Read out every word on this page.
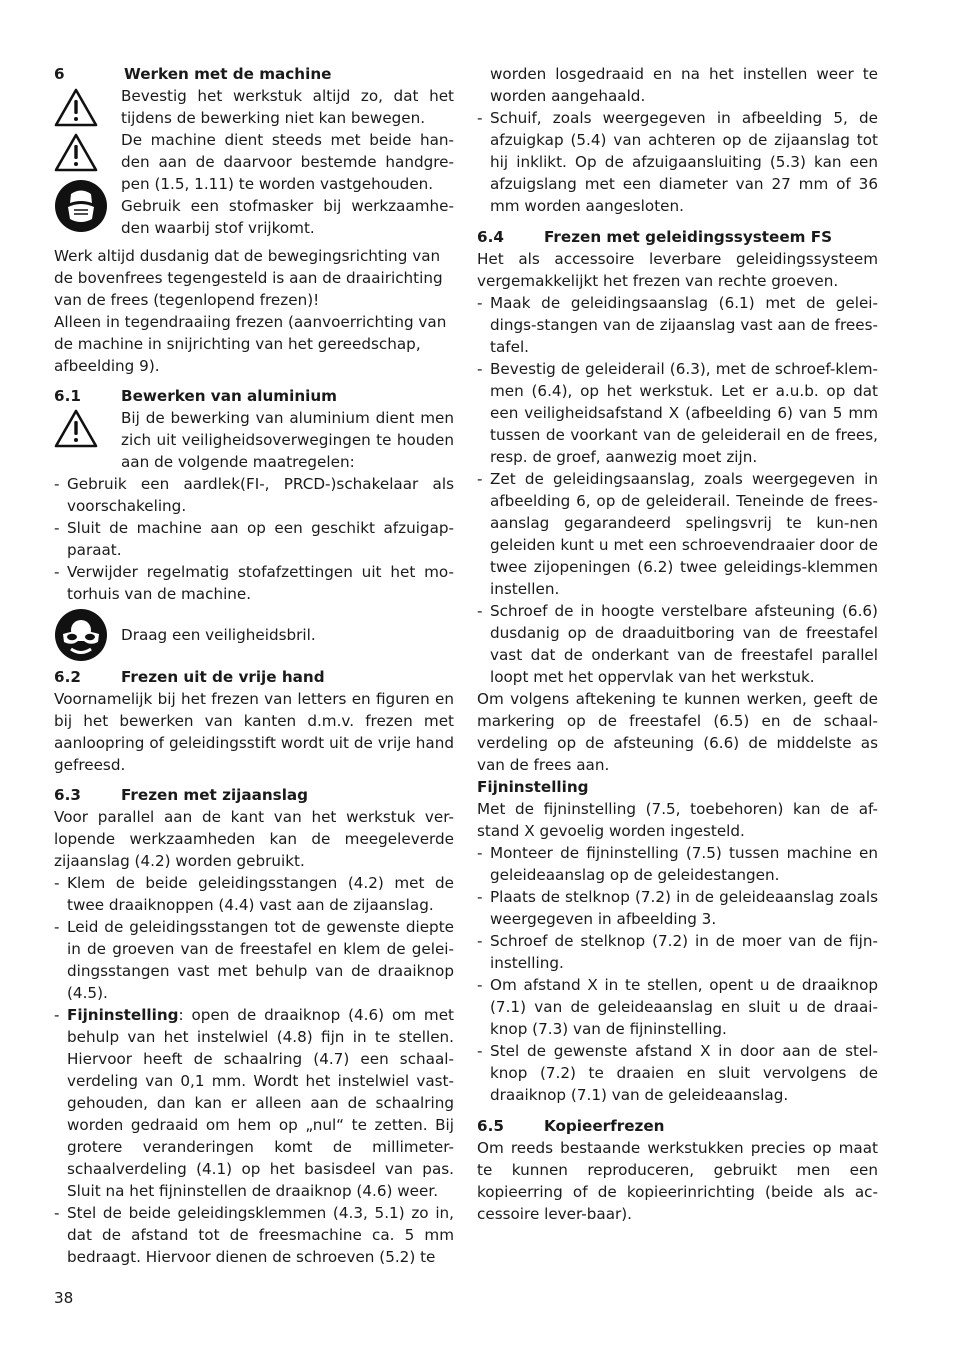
6	Werken met de machine

Bevestig het werkstuk altijd zo, dat het tijdens de bewerking niet kan bewegen.

De machine dient steeds met beide han-den aan de daarvoor bestemde handgre-pen (1.5, 1.11) te worden vastgehouden.

Gebruik een stofmasker bij werkzaamhe-den waarbij stof vrijkomt.

Werk altijd dusdanig dat de bewegingsrichting van de bovenfrees tegengesteld is aan de draairichting van de frees (tegenlopend frezen)!

Alleen in tegendraaiing frezen (aanvoerrichting van de machine in snijrichting van het gereedschap, afbeelding 9).

6.1	Bewerken van aluminium

Bij de bewerking van aluminium dient men zich uit veiligheidsoverwegingen te houden aan de volgende maatregelen:

- Gebruik een aardlek(FI-, PRCD-)schakelaar als voorschakeling.
- Sluit de machine aan op een geschikt afzuigap-paraat.
- Verwijder regelmatig stofafzettingen uit het mo-torhuis van de machine.
Draag een veiligheidsbril.
6.2	Frezen uit de vrije hand

Voornamelijk bij het frezen van letters en figuren en bij het bewerken van kanten d.m.v. frezen met aanloopring of geleidingsstift wordt uit de vrije hand gefreesd.

6.3	Frezen met zijaanslag

Voor parallel aan de kant van het werkstuk ver-lopende werkzaamheden kan de meegeleverde zijaanslag (4.2) worden gebruikt.

- Klem de beide geleidingsstangen (4.2) met de twee draaiknoppen (4.4) vast aan de zijaanslag.
- Leid de geleidingsstangen tot de gewenste diepte in de groeven van de freestafel en klem de gelei-dingsstangen vast met behulp van de draaiknop (4.5).
- Fijninstelling: open de draaiknop (4.6) om met behulp van het instelwiel (4.8) fijn in te stellen. Hiervoor heeft de schaalring (4.7) een schaal-verdeling van 0,1 mm. Wordt het instelwiel vast-gehouden, dan kan er alleen aan de schaalring worden gedraaid om hem op „nul“ te zetten. Bij grotere veranderingen komt de millimeter-schaalverdeling (4.1) op het basisdeel van pas. Sluit na het fijninstellen de draaiknop (4.6) weer.
- Stel de beide geleidingsklemmen (4.3, 5.1) zo in, dat de afstand tot de freesmachine ca. 5 mm bedraagt. Hiervoor dienen de schroeven (5.2) te
worden losgedraaid en na het instellen weer te worden aangehaald.
- Schuif, zoals weergegeven in afbeelding 5, de afzuigkap (5.4) van achteren op de zijaanslag tot hij inklikt. Op de afzuigaansluiting (5.3) kan een afzuigslang met een diameter van 27 mm of 36 mm worden aangesloten.
6.4	Frezen met geleidingssysteem FS

Het als accessoire leverbare geleidingssysteem vergemakkelijkt het frezen van rechte groeven.

- Maak de geleidingsaanslag (6.1) met de gelei-dings-stangen van de zijaanslag vast aan de frees-tafel.
- Bevestig de geleiderail (6.3), met de schroef-klem-men (6.4), op het werkstuk. Let er a.u.b. op dat een veiligheidsafstand X (afbeelding 6) van 5 mm tussen de voorkant van de geleiderail en de frees, resp. de groef, aanwezig moet zijn.
- Zet de geleidingsaanslag, zoals weergegeven in afbeelding 6, op de geleiderail. Teneinde de frees-aanslag gegarandeerd spelingsvrij te kun-nen geleiden kunt u met een schroevendraaier door de twee zijopeningen (6.2) twee geleidings-klemmen instellen.
- Schroef de in hoogte verstelbare afsteuning (6.6) dusdanig op de draaduitboring van de freestafel vast dat de onderkant van de freestafel parallel loopt met het oppervlak van het werkstuk.

Om volgens aftekening te kunnen werken, geeft de markering op de freestafel (6.5) en de schaal-verdeling op de afsteuning (6.6) de middelste as van de frees aan.

Fijninstelling

Met de fijninstelling (7.5, toebehoren) kan de af-stand X gevoelig worden ingesteld.

- Monteer de fijninstelling (7.5) tussen machine en geleideaanslag op de geleidestangen.
- Plaats de stelknop (7.2) in de geleideaanslag zoals weergegeven in afbeelding 3.
- Schroef de stelknop (7.2) in de moer van de fijn-instelling.
- Om afstand X in te stellen, opent u de draaiknop (7.1) van de geleideaanslag en sluit u de draai-knop (7.3) van de fijninstelling.
- Stel de gewenste afstand X in door aan de stel-knop (7.2) te draaien en sluit vervolgens de draaiknop (7.1) van de geleideaanslag.
6.5	Kopieerfrezen

Om reeds bestaande werkstukken precies op maat te kunnen reproduceren, gebruikt men een kopieerring of de kopieerinrichting (beide als ac-cessoire lever-baar).

38
